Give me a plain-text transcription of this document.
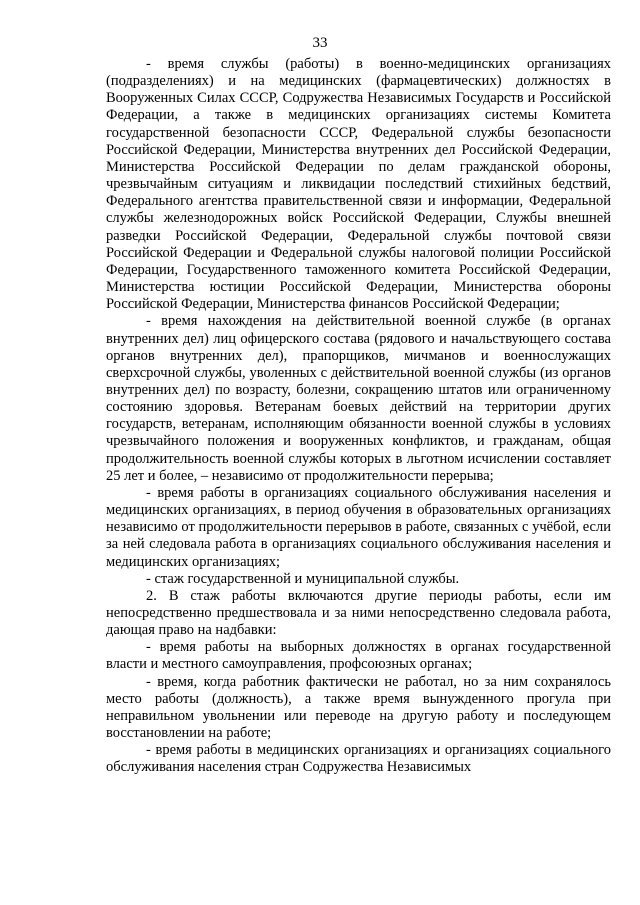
33

- время службы (работы) в военно-медицинских организациях (подразделениях) и на медицинских (фармацевтических) должностях в Вооруженных Силах СССР, Содружества Независимых Государств и Российской Федерации, а также в медицинских организациях системы Комитета государственной безопасности СССР, Федеральной службы безопасности Российской Федерации, Министерства внутренних дел Российской Федерации, Министерства Российской Федерации по делам гражданской обороны, чрезвычайным ситуациям и ликвидации последствий стихийных бедствий, Федерального агентства правительственной связи и информации, Федеральной службы железнодорожных войск Российской Федерации, Службы внешней разведки Российской Федерации, Федеральной службы почтовой связи Российской Федерации и Федеральной службы налоговой полиции Российской Федерации, Государственного таможенного комитета Российской Федерации, Министерства юстиции Российской Федерации, Министерства обороны Российской Федерации, Министерства финансов Российской Федерации;

- время нахождения на действительной военной службе (в органах внутренних дел) лиц офицерского состава (рядового и начальствующего состава органов внутренних дел), прапорщиков, мичманов и военнослужащих сверхсрочной службы, уволенных с действительной военной службы (из органов внутренних дел) по возрасту, болезни, сокращению штатов или ограниченному состоянию здоровья. Ветеранам боевых действий на территории других государств, ветеранам, исполняющим обязанности военной службы в условиях чрезвычайного положения и вооруженных конфликтов, и гражданам, общая продолжительность военной службы которых в льготном исчислении составляет 25 лет и более, – независимо от продолжительности перерыва;

- время работы в организациях социального обслуживания населения и медицинских организациях, в период обучения в образовательных организациях независимо от продолжительности перерывов в работе, связанных с учёбой, если за ней следовала работа в организациях социального обслуживания населения и медицинских организациях;

- стаж государственной и муниципальной службы.

2. В стаж работы включаются другие периоды работы, если им непосредственно предшествовала и за ними непосредственно следовала работа, дающая право на надбавки:

- время работы на выборных должностях в органах государственной власти и местного самоуправления, профсоюзных органах;

- время, когда работник фактически не работал, но за ним сохранялось место работы (должность), а также время вынужденного прогула при неправильном увольнении или переводе на другую работу и последующем восстановлении на работе;

- время работы в медицинских организациях и организациях социального обслуживания населения стран Содружества Независимых
